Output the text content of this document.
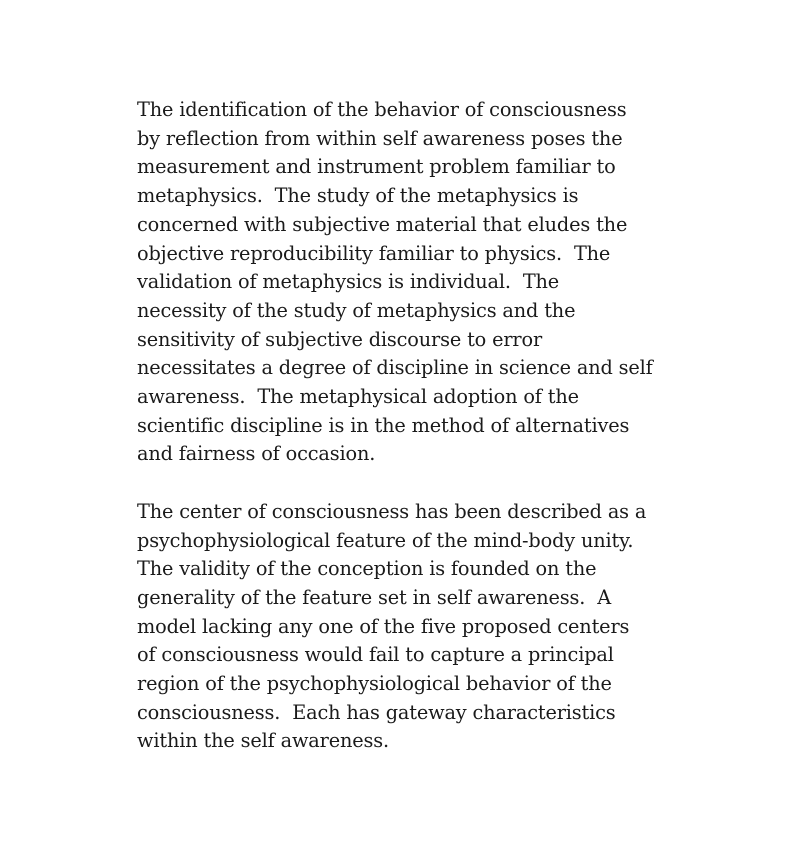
The identification of the behavior of consciousness
by reflection from within self awareness poses the
measurement and instrument problem familiar to
metaphysics.  The study of the metaphysics is
concerned with subjective material that eludes the
objective reproducibility familiar to physics.  The
validation of metaphysics is individual.  The
necessity of the study of metaphysics and the
sensitivity of subjective discourse to error
necessitates a degree of discipline in science and self
awareness.  The metaphysical adoption of the
scientific discipline is in the method of alternatives
and fairness of occasion.
The center of consciousness has been described as a
psychophysiological feature of the mind-body unity.
The validity of the conception is founded on the
generality of the feature set in self awareness.  A
model lacking any one of the five proposed centers
of consciousness would fail to capture a principal
region of the psychophysiological behavior of the
consciousness.  Each has gateway characteristics
within the self awareness.
